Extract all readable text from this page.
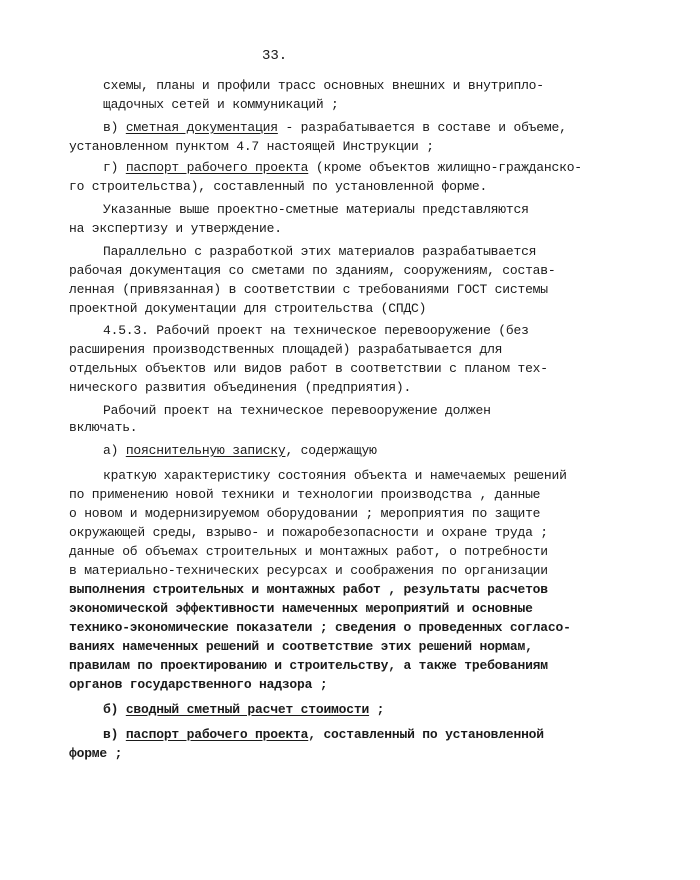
33.
схемы, планы и профили трасс основных внешних и внутрипло-
щадочных сетей и коммуникаций ;
в) сметная документация - разрабатывается в составе и объеме,
установленном пунктом 4.7 настоящей Инструкции ;
г) паспорт рабочего проекта (кроме объектов жилищно-гражданско-
го строительства), составленный по установленной форме.
Указанные выше проектно-сметные материалы представляются
на экспертизу и утверждение.
Параллельно с разработкой этих материалов разрабатывается
рабочая документация со сметами по зданиям, сооружениям, состав-
ленная (привязанная) в соответствии с требованиями ГОСТ системы
проектной документации для строительства (СПДС)
4.5.3. Рабочий проект на техническое перевооружение (без
расширения производственных площадей) разрабатывается для
отдельных объектов или видов работ в соответствии с планом тех-
нического развития объединения (предприятия).
Рабочий проект на техническое перевооружение должен
включать.
а) пояснительную записку, содержащую
краткую характеристику состояния объекта и намечаемых решений
по применению новой техники и технологии производства , данные
о новом и модернизируемом оборудовании ; мероприятия по защите
окружающей среды, взрыво- и пожаробезопасности и охране труда ;
данные об объемах строительных и монтажных работ, о потребности
в материально-технических ресурсах и соображения по организации
выполнения строительных и монтажных работ , результаты расчетов
экономической эффективности намеченных мероприятий и основные
технико-экономические показатели ; сведения о проведенных согласо-
ваниях намеченных решений и соответствие этих решений нормам,
правилам по проектированию и строительству, а также требованиям
органов государственного надзора ;
б) сводный сметный расчет стоимости ;
в) паспорт рабочего проекта, составленный по установленной
форме ;
